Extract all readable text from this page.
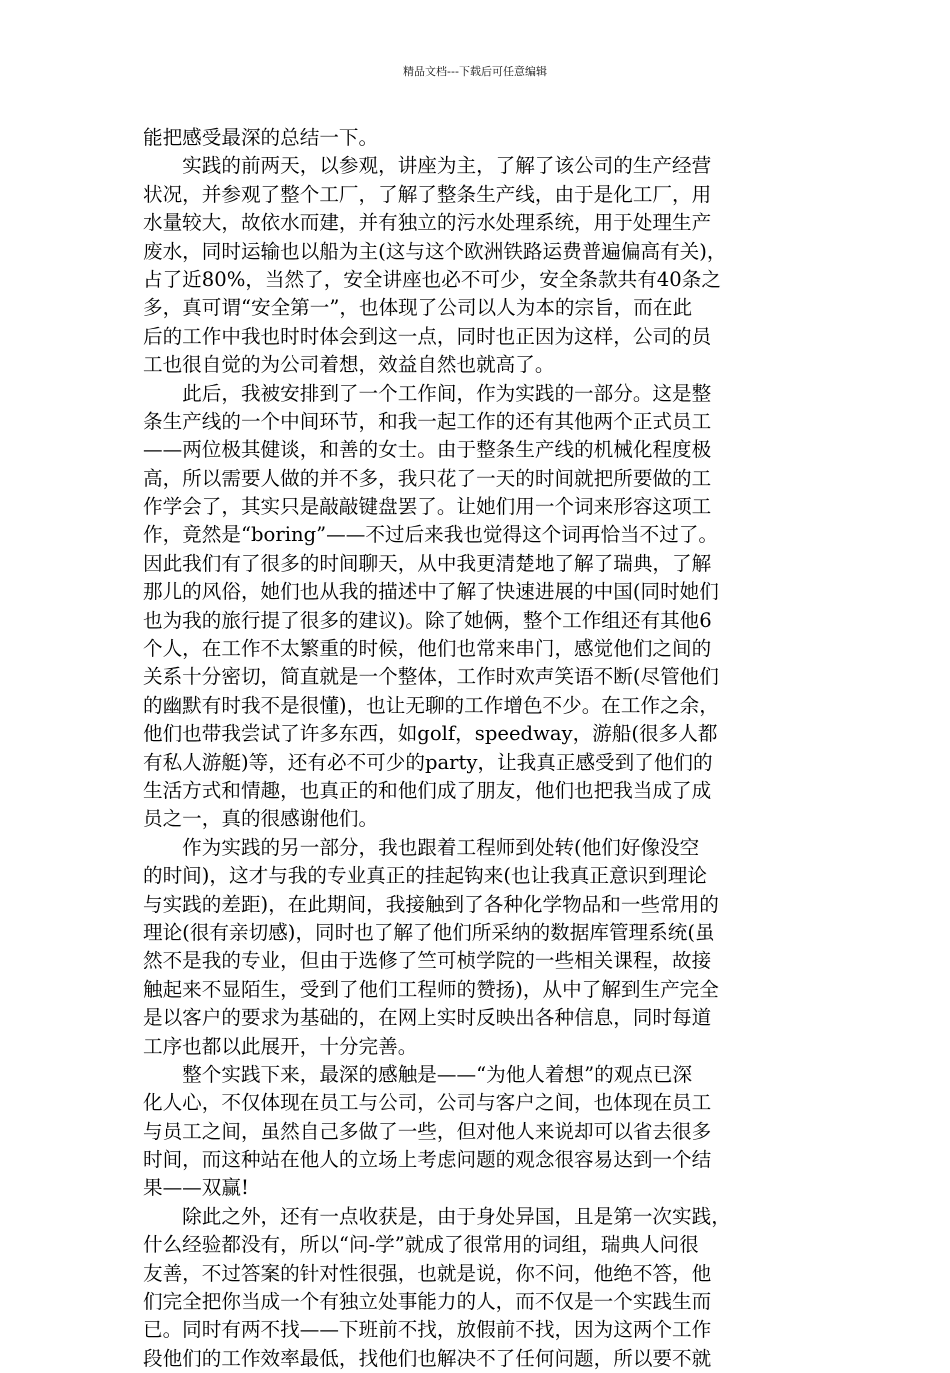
精品文档---下载后可任意编辑
能把感受最深的总结一下。
　　实践的前两天，以参观，讲座为主，了解了该公司的生产经营
状况，并参观了整个工厂，了解了整条生产线，由于是化工厂，用
水量较大，故依水而建，并有独立的污水处理系统，用于处理生产
废水，同时运输也以船为主(这与这个欧洲铁路运费普遍偏高有关)，
占了近80%，当然了，安全讲座也必不可少，安全条款共有40条之
多，真可谓“安全第一”，也体现了公司以人为本的宗旨，而在此
后的工作中我也时时体会到这一点，同时也正因为这样，公司的员
工也很自觉的为公司着想，效益自然也就高了。
　　此后，我被安排到了一个工作间，作为实践的一部分。这是整
条生产线的一个中间环节，和我一起工作的还有其他两个正式员工
——两位极其健谈，和善的女士。由于整条生产线的机械化程度极
高，所以需要人做的并不多，我只花了一天的时间就把所要做的工
作学会了，其实只是敲敲键盘罢了。让她们用一个词来形容这项工
作，竟然是“boring”——不过后来我也觉得这个词再恰当不过了。
因此我们有了很多的时间聊天，从中我更清楚地了解了瑞典，了解
那儿的风俗，她们也从我的描述中了解了快速进展的中国(同时她们
也为我的旅行提了很多的建议)。除了她俩，整个工作组还有其他6
个人，在工作不太繁重的时候，他们也常来串门，感觉他们之间的
关系十分密切，简直就是一个整体，工作时欢声笑语不断(尽管他们
的幽默有时我不是很懂)，也让无聊的工作增色不少。在工作之余，
他们也带我尝试了许多东西，如golf，speedway，游船(很多人都
有私人游艇)等，还有必不可少的party，让我真正感受到了他们的
生活方式和情趣，也真正的和他们成了朋友，他们也把我当成了成
员之一，真的很感谢他们。
　　作为实践的另一部分，我也跟着工程师到处转(他们好像没空
的时间)，这才与我的专业真正的挂起钩来(也让我真正意识到理论
与实践的差距)，在此期间，我接触到了各种化学物品和一些常用的
理论(很有亲切感)，同时也了解了他们所采纳的数据库管理系统(虽
然不是我的专业，但由于选修了竺可桢学院的一些相关课程，故接
触起来不显陌生，受到了他们工程师的赞扬)，从中了解到生产完全
是以客户的要求为基础的，在网上实时反映出各种信息，同时每道
工序也都以此展开，十分完善。
　　整个实践下来，最深的感触是——“为他人着想”的观点已深
化人心，不仅体现在员工与公司，公司与客户之间，也体现在员工
与员工之间，虽然自己多做了一些，但对他人来说却可以省去很多
时间，而这种站在他人的立场上考虑问题的观念很容易达到一个结
果——双赢!
　　除此之外，还有一点收获是，由于身处异国，且是第一次实践，
什么经验都没有，所以“问-学”就成了很常用的词组，瑞典人问很
友善，不过答案的针对性很强，也就是说，你不问，他绝不答，他
们完全把你当成一个有独立处事能力的人，而不仅是一个实践生而
已。同时有两不找——下班前不找，放假前不找，因为这两个工作
段他们的工作效率最低，找他们也解决不了任何问题，所以要不就
